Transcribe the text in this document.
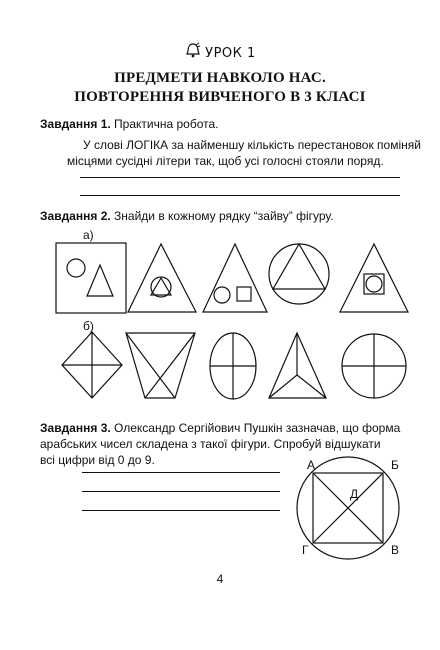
УРОК 1
ПРЕДМЕТИ НАВКОЛО НАС.
ПОВТОРЕННЯ ВИВЧЕНОГО В 3 КЛАСІ
Завдання 1. Практична робота.
У слові ЛОГІКА за найменшу кількість перестановок поміняй
місцями сусідні літери так, щоб усі голосні стояли поряд.
Завдання 2. Знайди в кожному рядку “зайву” фігуру.
а)
б)
Завдання 3. Олександр Сергійович Пушкін зазначав, що форма
арабських чисел складена з такої фігури. Спробуй відшукати
всі цифри від 0 до 9.	А	Б
В
Г
Д
4
